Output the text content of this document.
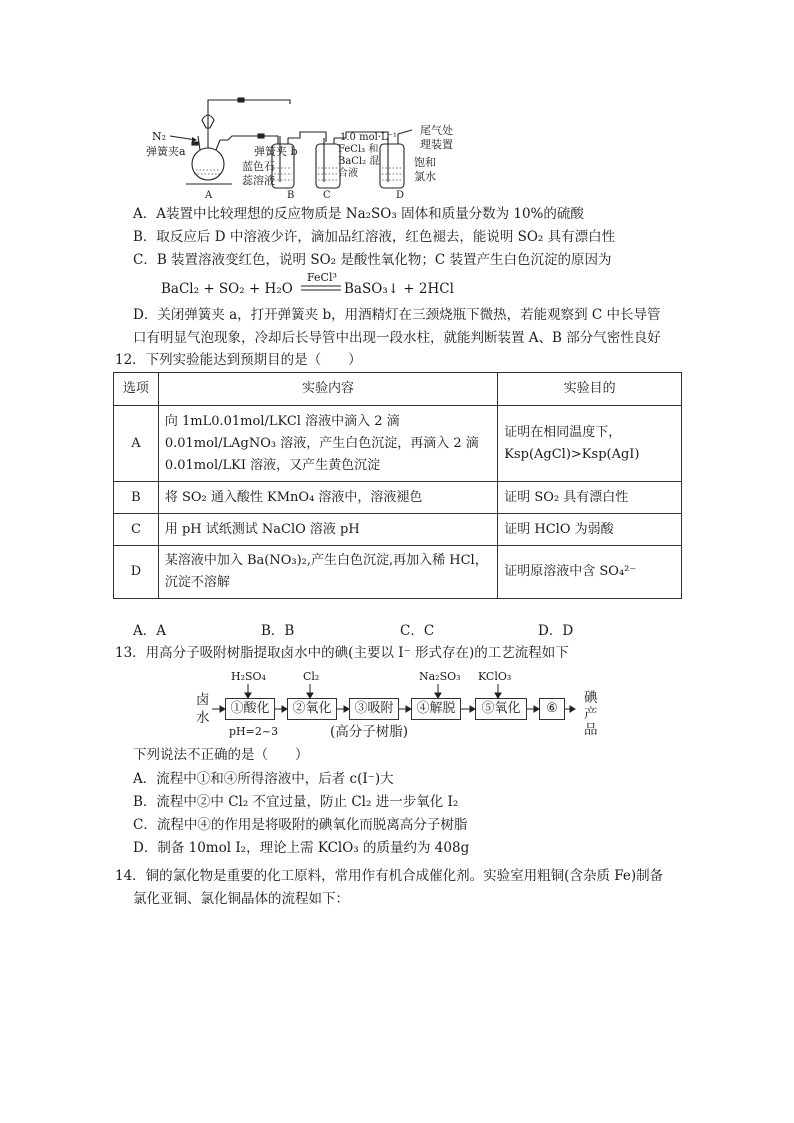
N₂
弹簧夹a	弹簧夹 b
蓝色石
蕊溶液
1.0 mol·L⁻¹
FeCl₃ 和
BaCl₂ 混
合液
尾气处
理装置
饱和
氯水
A	B	C	D
A．A装置中比较理想的反应物质是 Na₂SO₃ 固体和质量分数为 10%的硫酸
B．取反应后 D 中溶液少许，滴加品红溶液，红色褪去，能说明 SO₂ 具有漂白性
C．B 装置溶液变红色，说明 SO₂ 是酸性氧化物；C 装置产生白色沉淀的原因为
BaCl₂ + SO₂ + H₂O
FeCl³
BaSO₃↓ + 2HCl
D．关闭弹簧夹 a，打开弹簧夹 b，用酒精灯在三颈烧瓶下微热，若能观察到 C 中长导管
口有明显气泡现象，冷却后长导管中出现一段水柱，就能判断装置 A、B 部分气密性良好
12．下列实验能达到预期目的是（　　）
选项	实验内容	实验目的
A	向 1mL0.01mol/LKCl 溶液中滴入 2 滴 0.01mol/LAgNO₃ 溶液，产生白色沉淀，再滴入 2 滴 0.01mol/LKI 溶液，又产生黄色沉淀	证明在相同温度下，Ksp(AgCl)>Ksp(AgI)
B	将 SO₂ 通入酸性 KMnO₄ 溶液中，溶液褪色	证明 SO₂ 具有漂白性
C	用 pH 试纸测试 NaClO 溶液 pH	证明 HClO 为弱酸
D	某溶液中加入 Ba(NO₃)₂,产生白色沉淀,再加入稀 HCl，沉淀不溶解	证明原溶液中含 SO₄²⁻
A．A	B．B	C．C	D．D
13．用高分子吸附树脂提取卤水中的碘(主要以 I⁻ 形式存在)的工艺流程如下
卤
水
H₂SO₄	Cl₂	Na₂SO₃ KClO₃
①酸化	②氧化	③吸附	④解脱	⑤氧化	⑥
碘
产
品
pH=2~3	(高分子树脂)
下列说法不正确的是（　　）
A．流程中①和④所得溶液中，后者 c(I⁻)大
B．流程中②中 Cl₂ 不宜过量，防止 Cl₂ 进一步氧化 I₂
C．流程中④的作用是将吸附的碘氧化而脱离高分子树脂
D．制备 10mol I₂，理论上需 KClO₃ 的质量约为 408g
14．铜的氯化物是重要的化工原料，常用作有机合成催化剂。实验室用粗铜(含杂质 Fe)制备
氯化亚铜、氯化铜晶体的流程如下：
